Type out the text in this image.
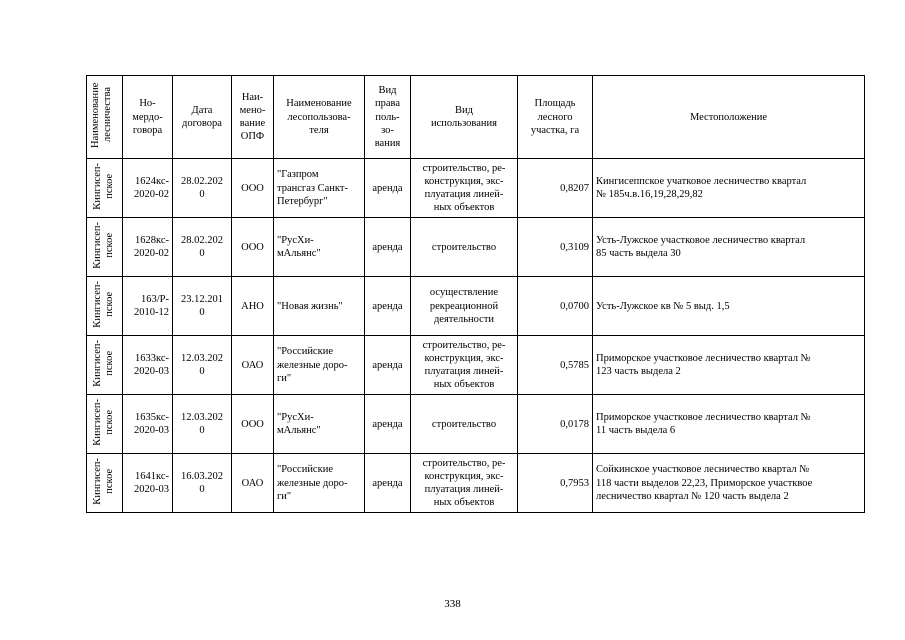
Наименование лесничества	Но-
мердо-
говора	Дата
договора	Наи-
мено-
вание
ОПФ	Наименование
лесопользова-
теля	Вид
права
поль-
зо-
вания	Вид
использования	Площадь
лесного
участка, га	Местоположение

Кингисеп-
пское	1624кс-
2020-02	28.02.202
0	ООО	"Газпром
трансгаз Санкт-
Петербург"	аренда	строительство, ре-
конструкция, экс-
плуатация линей-
ных объектов	0,8207	Кингисеппское учатковое лесничество квартал
№ 185ч.в.16,19,28,29,82

Кингисеп-
пское	1628кс-
2020-02	28.02.202
0	ООО	"РусХи-
мАльянс"	аренда	строительство	0,3109	Усть-Лужское участковое лесничество квартал
85 часть выдела 30

Кингисеп-
пское	163/Р-
2010-12	23.12.201
0	АНО	"Новая жизнь"	аренда	осуществление
рекреационной
деятельности	0,0700	Усть-Лужское кв № 5 выд. 1,5

Кингисеп-
пское	1633кс-
2020-03	12.03.202
0	ОАО	"Российские
железные доро-
ги"	аренда	строительство, ре-
конструкция, экс-
плуатация линей-
ных объектов	0,5785	Приморское участковое лесничество квартал №
123 часть выдела 2

Кингисеп-
пское	1635кс-
2020-03	12.03.202
0	ООО	"РусХи-
мАльянс"	аренда	строительство	0,0178	Приморское участковое лесничество квартал №
11 часть выдела 6

Кингисеп-
пское	1641кс-
2020-03	16.03.202
0	ОАО	"Российские
железные доро-
ги"	аренда	строительство, ре-
конструкция, экс-
плуатация линей-
ных объектов	0,7953	Сойкинское участковое лесничество квартал №
118 части выделов 22,23, Приморское участквое
лесничество квартал № 120 часть выдела 2
338
